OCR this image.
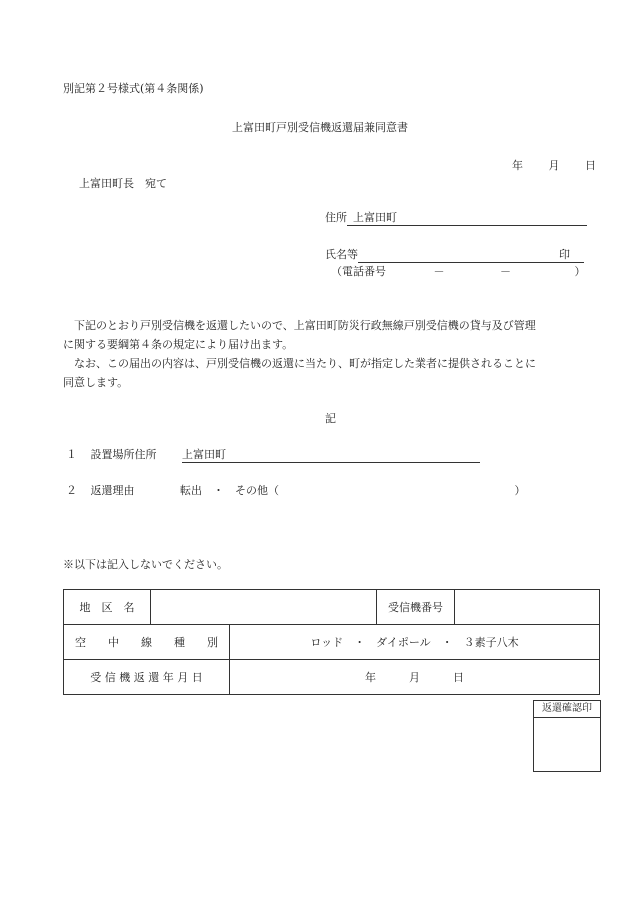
別記第２号様式(第４条関係)
上富田町戸別受信機返還届兼同意書
年 月 日
上富田町長　宛て
住所 上富田町
氏名等	印
（電話番号	－	－	）
下記のとおり戸別受信機を返還したいので、上富田町防災行政無線戸別受信機の貸与及び管理
に関する要綱第４条の規定により届け出ます。
なお、この届出の内容は、戸別受信機の返還に当たり、町が指定した業者に提供されることに
同意します。
記
１ 設置場所住所 上富田町
２ 返還理由	転出　・　その他（	）
※以下は記入しないでください。
地　区　名			受信機番号	
空　　中　　線　　種　　別		ロッド　・　ダイポール　・　３素子八木		
受 信 機 返 還 年 月 日		年　　　月　　　日		
返還確認印
